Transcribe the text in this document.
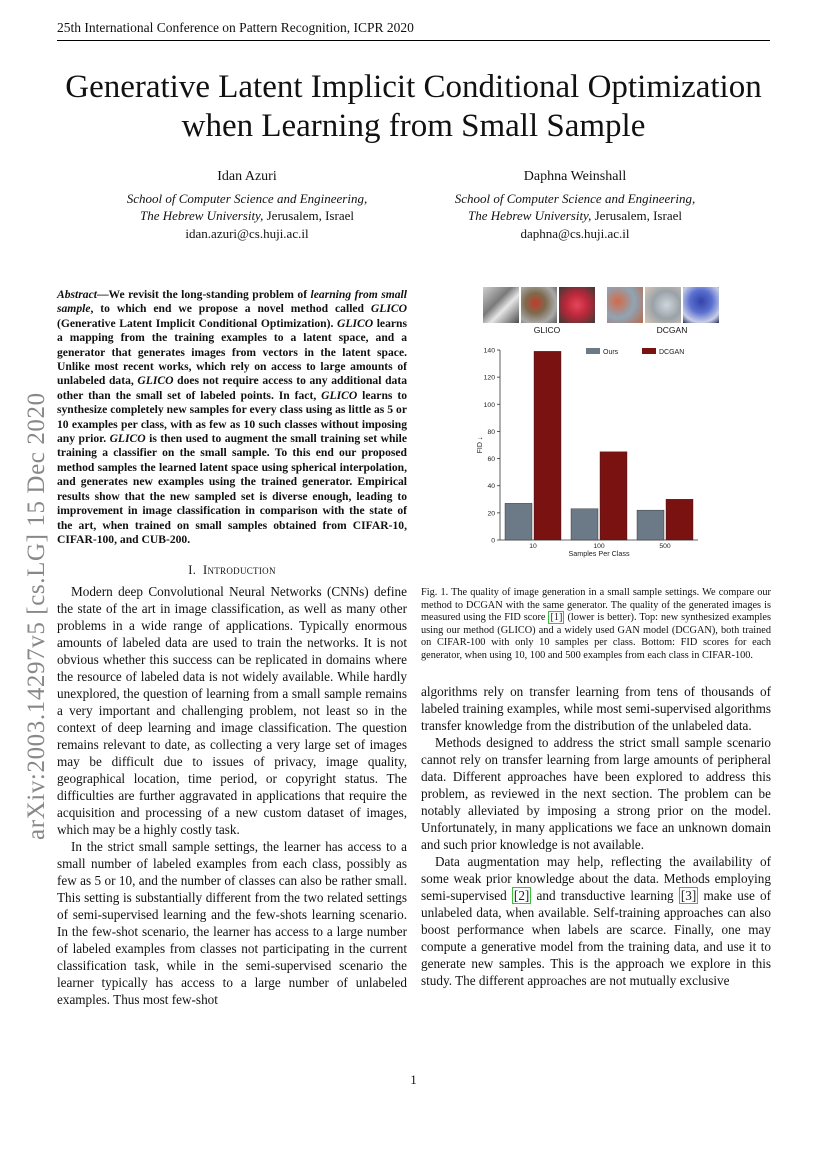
25th International Conference on Pattern Recognition, ICPR 2020
Generative Latent Implicit Conditional Optimization
when Learning from Small Sample
Idan Azuri
School of Computer Science and Engineering,
The Hebrew University, Jerusalem, Israel
idan.azuri@cs.huji.ac.il
Daphna Weinshall
School of Computer Science and Engineering,
The Hebrew University, Jerusalem, Israel
daphna@cs.huji.ac.il
arXiv:2003.14297v5 [cs.LG] 15 Dec 2020
Abstract—We revisit the long-standing problem of learning from small sample, to which end we propose a novel method called GLICO (Generative Latent Implicit Conditional Optimization). GLICO learns a mapping from the training examples to a latent space, and a generator that generates images from vectors in the latent space. Unlike most recent works, which rely on access to large amounts of unlabeled data, GLICO does not require access to any additional data other than the small set of labeled points. In fact, GLICO learns to synthesize completely new samples for every class using as little as 5 or 10 examples per class, with as few as 10 such classes without imposing any prior. GLICO is then used to augment the small training set while training a classifier on the small sample. To this end our proposed method samples the learned latent space using spherical interpolation, and generates new examples using the trained generator. Empirical results show that the new sampled set is diverse enough, leading to improvement in image classification in comparison with the state of the art, when trained on small samples obtained from CIFAR-10, CIFAR-100, and CUB-200.
I. Introduction

Modern deep Convolutional Neural Networks (CNNs) define the state of the art in image classification, as well as many other problems in a wide range of applications. Typically enormous amounts of labeled data are used to train the networks. It is not obvious whether this success can be replicated in domains where the resource of labeled data is not widely available. While hardly unexplored, the question of learning from a small sample remains a very important and challenging problem, not least so in the context of deep learning and image classification. The question remains relevant to date, as collecting a very large set of images may be difficult due to issues of privacy, image quality, geographical location, time period, or copyright status. The difficulties are further aggravated in applications that require the acquisition and processing of a new custom dataset of images, which may be a highly costly task.

In the strict small sample settings, the learner has access to a small number of labeled examples from each class, possibly as few as 5 or 10, and the number of classes can also be rather small. This setting is substantially different from the two related settings of semi-supervised learning and the few-shots learning scenario. In the few-shot scenario, the learner has access to a large number of labeled examples from classes not participating in the current classification task, while in the semi-supervised scenario the learner typically has access to a large number of unlabeled examples. Thus most few-shot

GLICO	DCGAN
0
20
40
60
80
100
120
140
FID ↓
10	100	500
Samples Per Class
Ours	DCGAN
Fig. 1. The quality of image generation in a small sample settings. We compare our method to DCGAN with the same generator. The quality of the generated images is measured using the FID score [1] (lower is better). Top: new synthesized examples using our method (GLICO) and a widely used GAN model (DCGAN), both trained on CIFAR-100 with only 10 samples per class. Bottom: FID scores for each generator, when using 10, 100 and 500 examples from each class in CIFAR-100.

algorithms rely on transfer learning from tens of thousands of labeled training examples, while most semi-supervised algorithms transfer knowledge from the distribution of the unlabeled data.

Methods designed to address the strict small sample scenario cannot rely on transfer learning from large amounts of peripheral data. Different approaches have been explored to address this problem, as reviewed in the next section. The problem can be notably alleviated by imposing a strong prior on the model. Unfortunately, in many applications we face an unknown domain and such prior knowledge is not available.

Data augmentation may help, reflecting the availability of some weak prior knowledge about the data. Methods employing semi-supervised [2] and transductive learning [3] make use of unlabeled data, when available. Self-training approaches can also boost performance when labels are scarce. Finally, one may compute a generative model from the training data, and use it to generate new samples. This is the approach we explore in this study. The different approaches are not mutually exclusive

1
